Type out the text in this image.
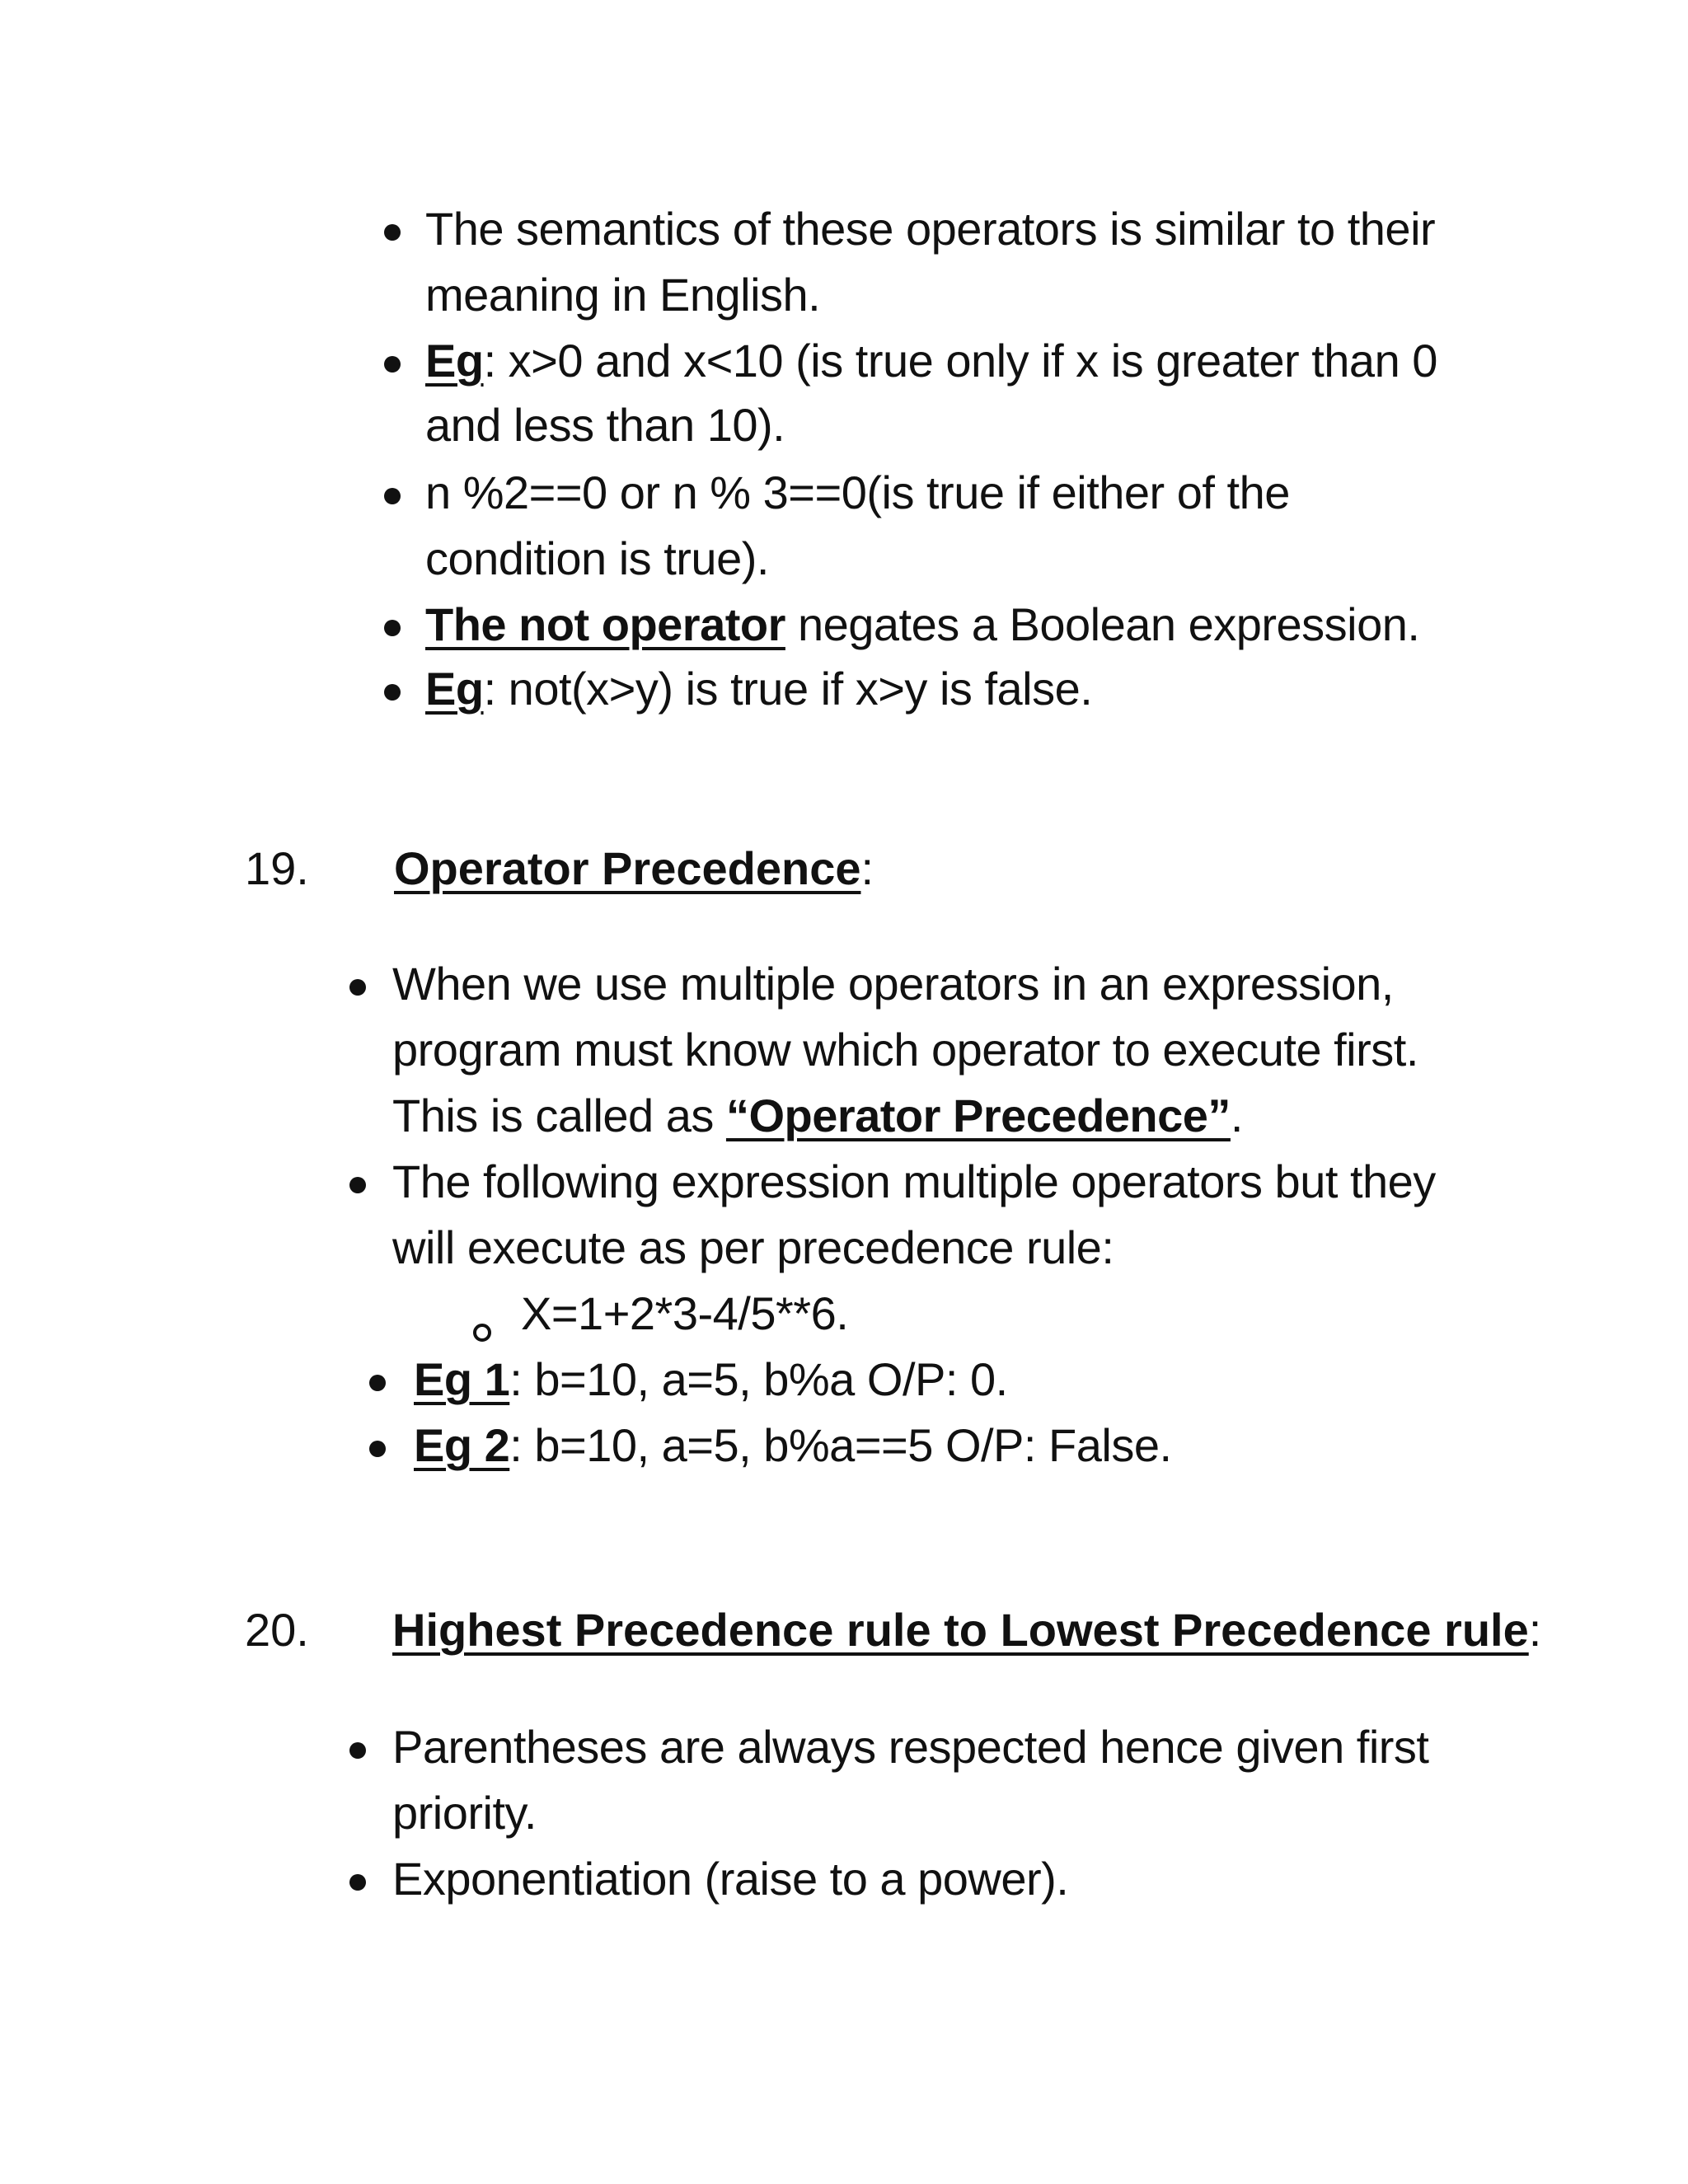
The semantics of these operators is similar to their
meaning in English.
Eg: x>0 and x<10 (is true only if x is greater than 0
and less than 10).
n %2==0 or n % 3==0(is true if either of the
condition is true).
The not operator negates a Boolean expression.
Eg: not(x>y) is true if x>y is false.
19. Operator Precedence:
When we use multiple operators in an expression,
program must know which operator to execute first.
This is called as “Operator Precedence”.
The following expression multiple operators but they
will execute as per precedence rule:
X=1+2*3-4/5**6.
Eg 1: b=10, a=5, b%a O/P: 0.
Eg 2: b=10, a=5, b%a==5 O/P: False.
20. Highest Precedence rule to Lowest Precedence rule:
Parentheses are always respected hence given first
priority.
Exponentiation (raise to a power).
